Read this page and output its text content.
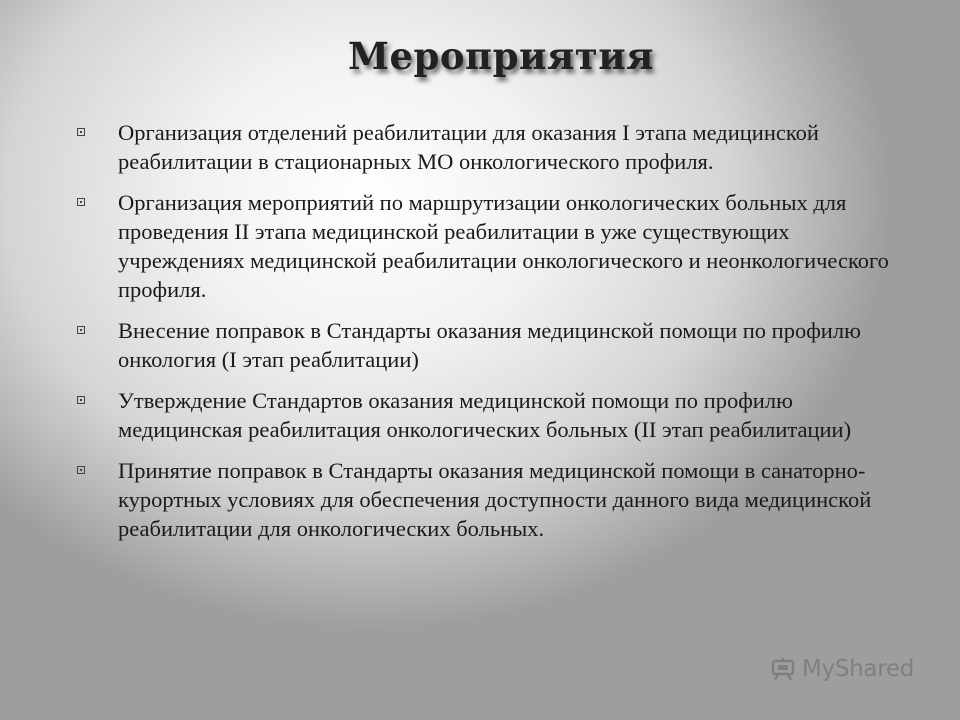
Мероприятия
Организация отделений реабилитации для оказания I этапа медицинской реабилитации в стационарных МО онкологического профиля.
Организация мероприятий по маршрутизации онкологических больных для проведения II этапа медицинской реабилитации в уже существующих учреждениях медицинской реабилитации онкологического и неонкологического профиля.
Внесение поправок в Стандарты оказания медицинской помощи по профилю онкология (I этап реаблитации)
Утверждение Стандартов оказания медицинской помощи по профилю медицинская реабилитация онкологических больных (II этап реабилитации)
Принятие поправок в Стандарты оказания медицинской помощи в санаторно-курортных условиях для обеспечения доступности данного вида медицинской реабилитации для онкологических больных.
MyShared
